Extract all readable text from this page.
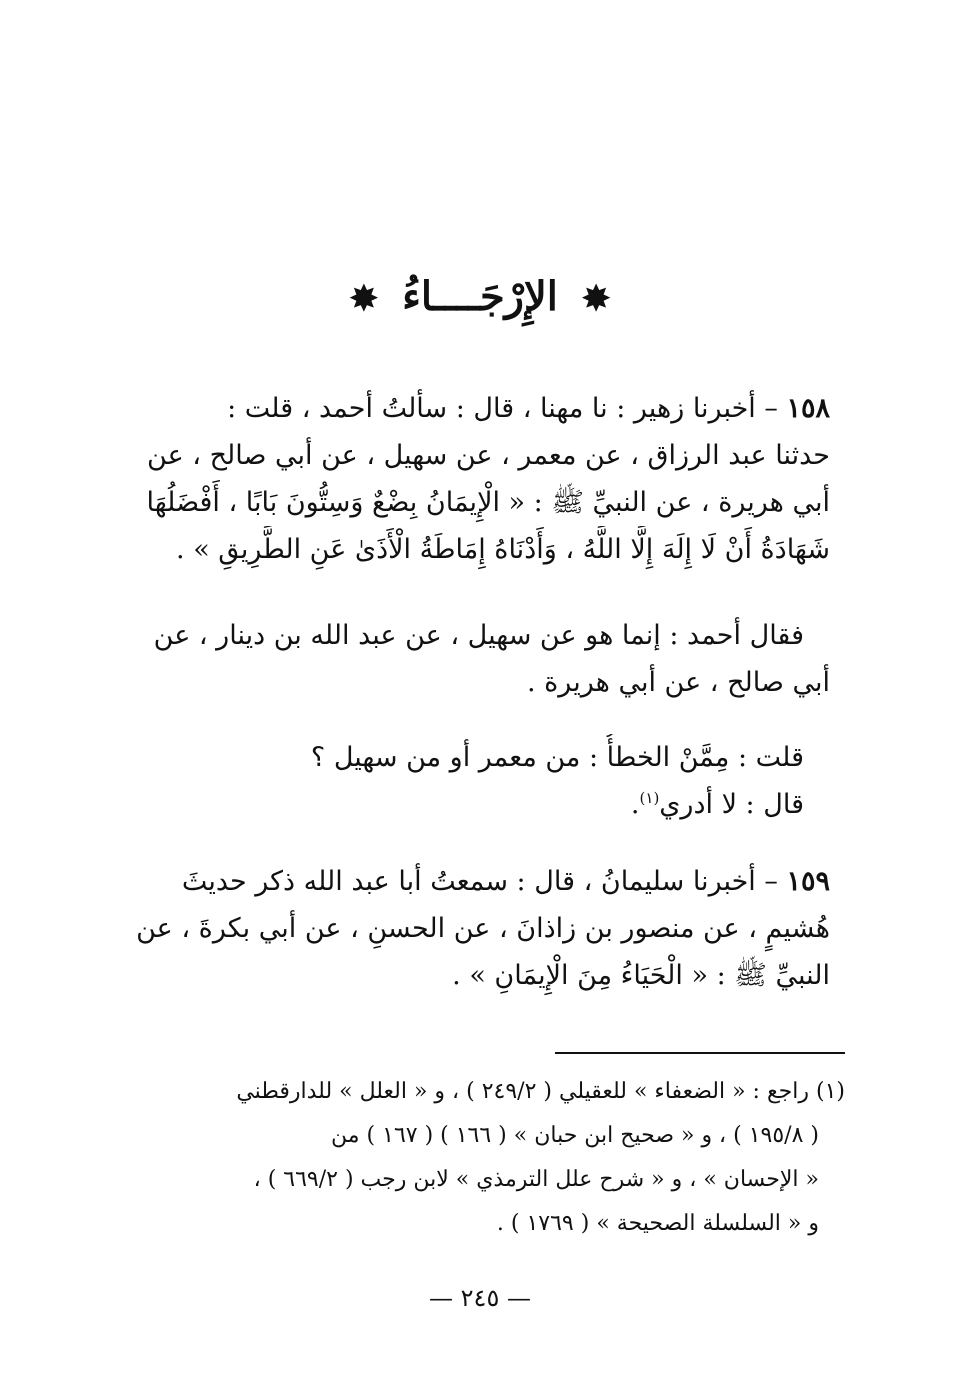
✸ الإِرْجَــــاءُ ✸
١٥٨ – أخبرنا زهير : نا مهنا ، قال : سألتُ أحمد ، قلت :
حدثنا عبد الرزاق ، عن معمر ، عن سهيل ، عن أبي صالح ، عن
أبي هريرة ، عن النبيِّ ﷺ : « الْإِيمَانُ بِضْعٌ وَسِتُّونَ بَابًا ، أَفْضَلُهَا
شَهَادَةُ أَنْ لَا إِلَهَ إِلَّا اللَّهُ ، وَأَدْنَاهُ إِمَاطَةُ الْأَذَىٰ عَنِ الطَّرِيقِ » .
فقال أحمد : إنما هو عن سهيل ، عن عبد الله بن دينار ، عن
أبي صالح ، عن أبي هريرة .
قلت : مِمَّنْ الخطأُ : من معمر أو من سهيل ؟
قال : لا أدري$^{(١)}$.
١٥٩ – أخبرنا سليمانُ ، قال : سمعتُ أبا عبد الله ذكر حديثَ
هُشيمٍ ، عن منصور بن زاذانَ ، عن الحسنِ ، عن أبي بكرةَ ، عن
النبيِّ ﷺ : « الْحَيَاءُ مِنَ الْإِيمَانِ » .
(١) راجع : « الضعفاء » للعقيلي ( ٢٤٩/٢ ) ، و « العلل » للدارقطني
( ١٩٥/٨ ) ، و « صحيح ابن حبان » ( ١٦٦ ) ( ١٦٧ ) من
« الإحسان » ، و « شرح علل الترمذي » لابن رجب ( ٦٦٩/٢ ) ،
و « السلسلة الصحيحة » ( ١٧٦٩ ) .
— ٢٤٥ —
